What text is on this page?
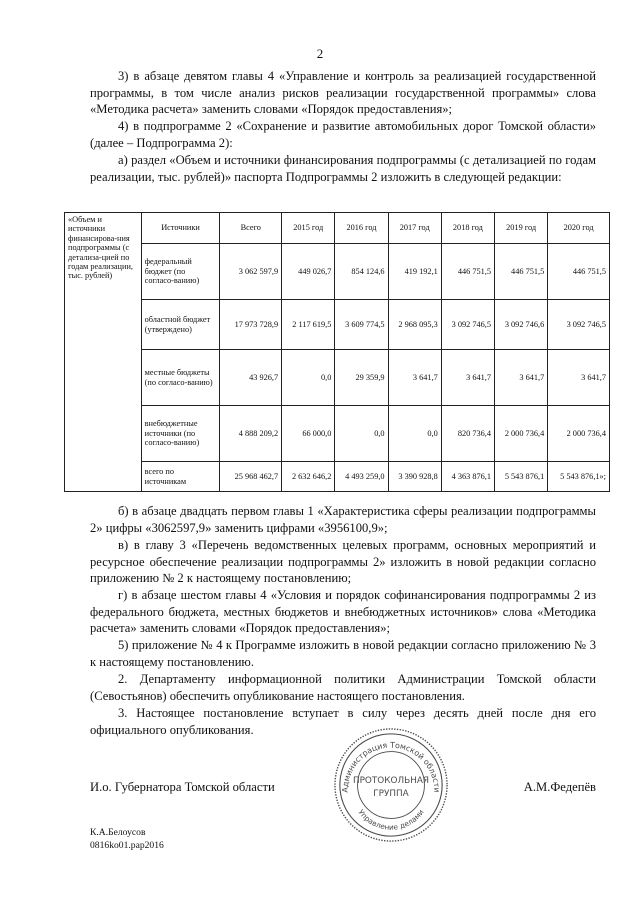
2

3) в абзаце девятом главы 4 «Управление и контроль за реализацией государственной программы, в том числе анализ рисков реализации государственной программы» слова «Методика расчета» заменить словами «Порядок предоставления»;

4) в подпрограмме 2 «Сохранение и развитие автомобильных дорог Томской области» (далее – Подпрограмма 2):

а) раздел «Объем и источники финансирования подпрограммы (с детализацией по годам реализации, тыс. рублей)» паспорта Подпрограммы 2 изложить в следующей редакции:

«Объем и источники финансирова-ния подпрограммы (с детализа-цией по годам реализации, тыс. рублей)	Источники	Всего	2015 год	2016 год	2017 год	2018 год	2019 год	2020 год
	федеральный бюджет (по согласо-ванию)	3 062 597,9	449 026,7	854 124,6	419 192,1	446 751,5	446 751,5	446 751,5
	областной бюджет (утверждено)	17 973 728,9	2 117 619,5	3 609 774,5	2 968 095,3	3 092 746,5	3 092 746,6	3 092 746,5
	местные бюджеты (по согласо-ванию)	43 926,7	0,0	29 359,9	3 641,7	3 641,7	3 641,7	3 641,7
	внебюджетные источники (по согласо-ванию)	4 888 209,2	66 000,0	0,0	0,0	820 736,4	2 000 736,4	2 000 736,4
	всего по источникам	25 968 462,7	2 632 646,2	4 493 259,0	3 390 928,8	4 363 876,1	5 543 876,1	5 543 876,1»;

б) в абзаце двадцать первом главы 1 «Характеристика сферы реализации подпрограммы 2» цифры «3062597,9» заменить цифрами «3956100,9»;

в) в главу 3 «Перечень ведомственных целевых программ, основных мероприятий и ресурсное обеспечение реализации подпрограммы 2» изложить в новой редакции согласно приложению № 2 к настоящему постановлению;

г) в абзаце шестом главы 4 «Условия и порядок софинансирования подпрограммы 2 из федерального бюджета, местных бюджетов и внебюджетных источников» слова «Методика расчета» заменить словами «Порядок предоставления»;

5) приложение № 4 к Программе изложить в новой редакции согласно приложению № 3 к настоящему постановлению.

2. Департаменту информационной политики Администрации Томской области (Севостьянов) обеспечить опубликование настоящего постановления.

3. Настоящее постановление вступает в силу через десять дней после дня его официального опубликования.

И.о. Губернатора Томской области	А.М.Федепёв
Администрация Томской области
ПРОТОКОЛЬНАЯ
ГРУППА
Управление делами
К.А.Белоусов
0816ko01.pap2016
